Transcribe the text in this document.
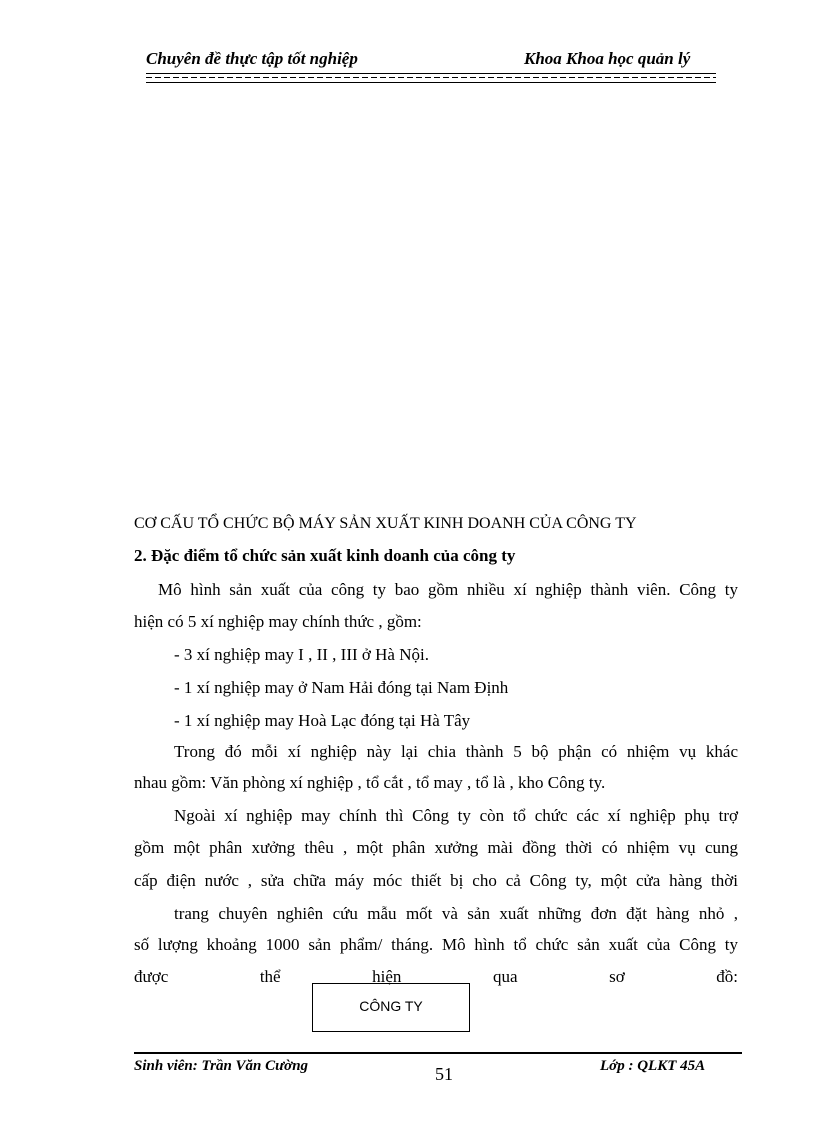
Chuyên đề thực tập tốt nghiệp	Khoa Khoa học quản lý
CƠ CẤU TỔ CHỨC BỘ MÁY SẢN XUẤT KINH DOANH CỦA CÔNG TY
2. Đặc điểm tổ chức sản xuất kinh doanh của công ty
Mô hình sản xuất của công ty bao gồm nhiều xí nghiệp thành viên. Công ty
hiện có 5 xí nghiệp may chính thức , gồm:
- 3 xí nghiệp may I , II , III ở Hà Nội.
- 1 xí nghiệp may ở Nam Hải đóng tại Nam Định
- 1 xí nghiệp may Hoà Lạc đóng tại Hà Tây
Trong đó mỗi xí nghiệp này lại chia thành 5 bộ phận có nhiệm vụ khác
nhau gồm: Văn phòng xí nghiệp , tổ cắt , tổ may , tổ là , kho Công ty.
Ngoài xí nghiệp may chính thì Công ty còn tổ chức các xí nghiệp phụ trợ
gồm một phân xưởng thêu , một phân xưởng mài đồng thời có nhiệm vụ cung
cấp điện nước , sửa chữa máy móc thiết bị cho cả Công ty, một cửa hàng thời
trang chuyên nghiên cứu mẫu mốt và sản xuất những đơn đặt hàng nhỏ ,
số lượng khoảng 1000 sản phẩm/ tháng. Mô hình tổ chức sản xuất của Công ty
được thể hiện qua sơ đồ:
CÔNG TY
Sinh viên: Trần Văn Cường	51	Lớp : QLKT 45A
